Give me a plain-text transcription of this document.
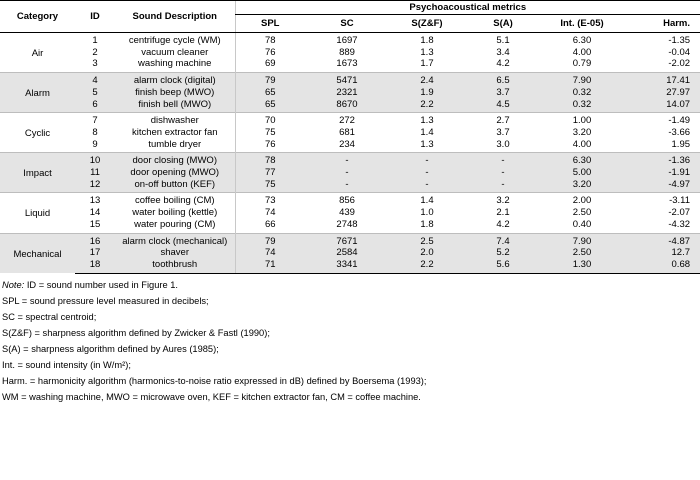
Category	ID	Sound Description	Psychoacoustical metrics					
			SPL	SC	S(Z&F)	S(A)	Int. (E-05)	Harm.
Air	1	centrifuge cycle (WM)	78	1697	1.8	5.1	6.30	-1.35
	2	vacuum cleaner	76	889	1.3	3.4	4.00	-0.04
	3	washing machine	69	1673	1.7	4.2	0.79	-2.02
Alarm	4	alarm clock (digital)	79	5471	2.4	6.5	7.90	17.41
	5	finish beep (MWO)	65	2321	1.9	3.7	0.32	27.97
	6	finish bell (MWO)	65	8670	2.2	4.5	0.32	14.07
Cyclic	7	dishwasher	70	272	1.3	2.7	1.00	-1.49
	8	kitchen extractor fan	75	681	1.4	3.7	3.20	-3.66
	9	tumble dryer	76	234	1.3	3.0	4.00	1.95
Impact	10	door closing (MWO)	78	-	-	-	6.30	-1.36
	11	door opening (MWO)	77	-	-	-	5.00	-1.91
	12	on-off button (KEF)	75	-	-	-	3.20	-4.97
Liquid	13	coffee boiling (CM)	73	856	1.4	3.2	2.00	-3.11
	14	water boiling (kettle)	74	439	1.0	2.1	2.50	-2.07
	15	water pouring (CM)	66	2748	1.8	4.2	0.40	-4.32
Mechanical	16	alarm clock (mechanical)	79	7671	2.5	7.4	7.90	-4.87
	17	shaver	74	2584	2.0	5.2	2.50	12.7
	18	toothbrush	71	3341	2.2	5.6	1.30	0.68
Note: ID = sound number used in Figure 1.
SPL = sound pressure level measured in decibels;
SC = spectral centroid;
S(Z&F) = sharpness algorithm defined by Zwicker & Fastl (1990);
S(A) = sharpness algorithm defined by Aures (1985);
Int. = sound intensity (in W/m²);
Harm. = harmonicity algorithm (harmonics-to-noise ratio expressed in dB) defined by Boersema (1993);
WM = washing machine, MWO = microwave oven, KEF = kitchen extractor fan, CM = coffee machine.
